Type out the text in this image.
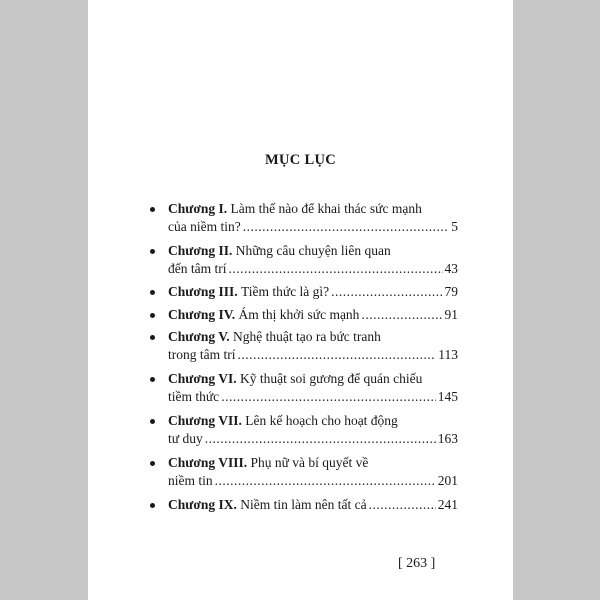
MỤC LỤC
Chương I.
Làm thế nào để khai thác sức mạnh
của niềm tin? .....	5
Chương II.
Những câu chuyện liên quan
đến tâm trí .....	43
Chương III.
Tiềm thức là gì? .....	79
Chương IV.
Ám thị khởi sức mạnh .....	91
Chương V.
Nghệ thuật tạo ra bức tranh
trong tâm trí .....	113
Chương VI.
Kỹ thuật soi gương để quán chiếu
tiềm thức .....	145
Chương VII.
Lên kế hoạch cho hoạt động
tư duy .....	163
Chương VIII.
Phụ nữ và bí quyết về
niềm tin .....	201
Chương IX.
Niềm tin làm nên tất cả .....	241
[ 263 ]
